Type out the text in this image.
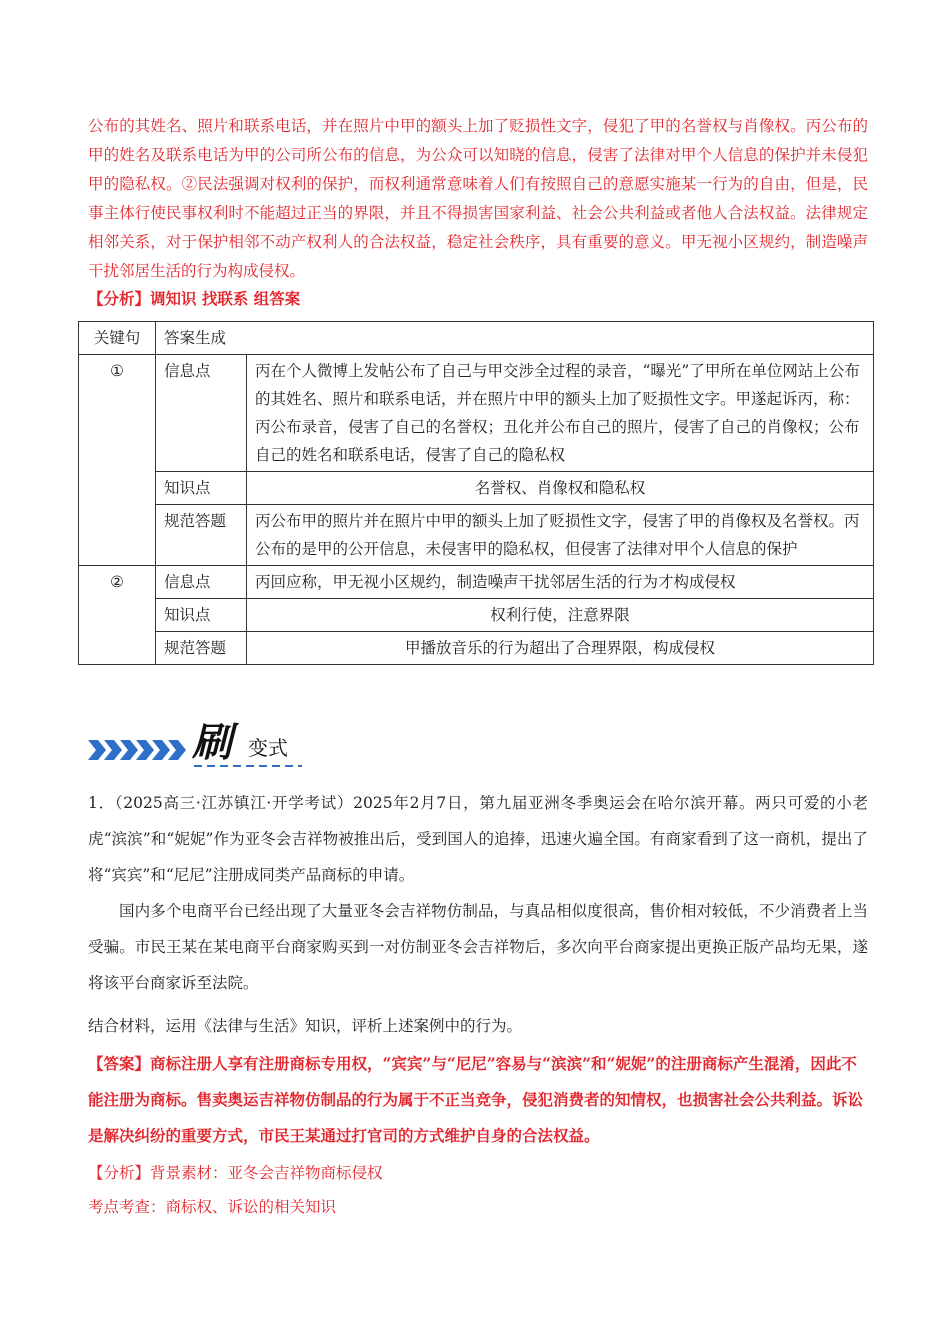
公布的其姓名、照片和联系电话，并在照片中甲的额头上加了贬损性文字，侵犯了甲的名誉权与肖像权。丙公布的甲的姓名及联系电话为甲的公司所公布的信息，为公众可以知晓的信息，侵害了法律对甲个人信息的保护并未侵犯甲的隐私权。②民法强调对权利的保护，而权利通常意味着人们有按照自己的意愿实施某一行为的自由，但是，民事主体行使民事权利时不能超过正当的界限，并且不得损害国家利益、社会公共利益或者他人合法权益。法律规定相邻关系，对于保护相邻不动产权利人的合法权益，稳定社会秩序，具有重要的意义。甲无视小区规约，制造噪声干扰邻居生活的行为构成侵权。
【分析】调知识 找联系 组答案
关键句	答案生成	
①	信息点	丙在个人微博上发帖公布了自己与甲交涉全过程的录音，“曝光”了甲所在单位网站上公布的其姓名、照片和联系电话，并在照片中甲的额头上加了贬损性文字。甲遂起诉丙，称：丙公布录音，侵害了自己的名誉权；丑化并公布自己的照片，侵害了自己的肖像权；公布自己的姓名和联系电话，侵害了自己的隐私权
	知识点	名誉权、肖像权和隐私权
	规范答题	丙公布甲的照片并在照片中甲的额头上加了贬损性文字，侵害了甲的肖像权及名誉权。丙公布的是甲的公开信息，未侵害甲的隐私权，但侵害了法律对甲个人信息的保护
②	信息点	丙回应称，甲无视小区规约，制造噪声干扰邻居生活的行为才构成侵权
	知识点	权利行使，注意界限
	规范答题	甲播放音乐的行为超出了合理界限，构成侵权
刷 变式

1．（2025高三·江苏镇江·开学考试）2025年2月7日，第九届亚洲冬季奥运会在哈尔滨开幕。两只可爱的小老虎“滨滨”和“妮妮”作为亚冬会吉祥物被推出后，受到国人的追捧，迅速火遍全国。有商家看到了这一商机，提出了将“宾宾”和“尼尼”注册成同类产品商标的申请。

国内多个电商平台已经出现了大量亚冬会吉祥物仿制品，与真品相似度很高，售价相对较低，不少消费者上当受骗。市民王某在某电商平台商家购买到一对仿制亚冬会吉祥物后，多次向平台商家提出更换正版产品均无果，遂将该平台商家诉至法院。

结合材料，运用《法律与生活》知识，评析上述案例中的行为。
【答案】商标注册人享有注册商标专用权，“宾宾”与“尼尼”容易与“滨滨”和“妮妮”的注册商标产生混淆，因此不能注册为商标。售卖奥运吉祥物仿制品的行为属于不正当竞争，侵犯消费者的知情权，也损害社会公共利益。诉讼是解决纠纷的重要方式，市民王某通过打官司的方式维护自身的合法权益。
【分析】背景素材：亚冬会吉祥物商标侵权
考点考查：商标权、诉讼的相关知识
